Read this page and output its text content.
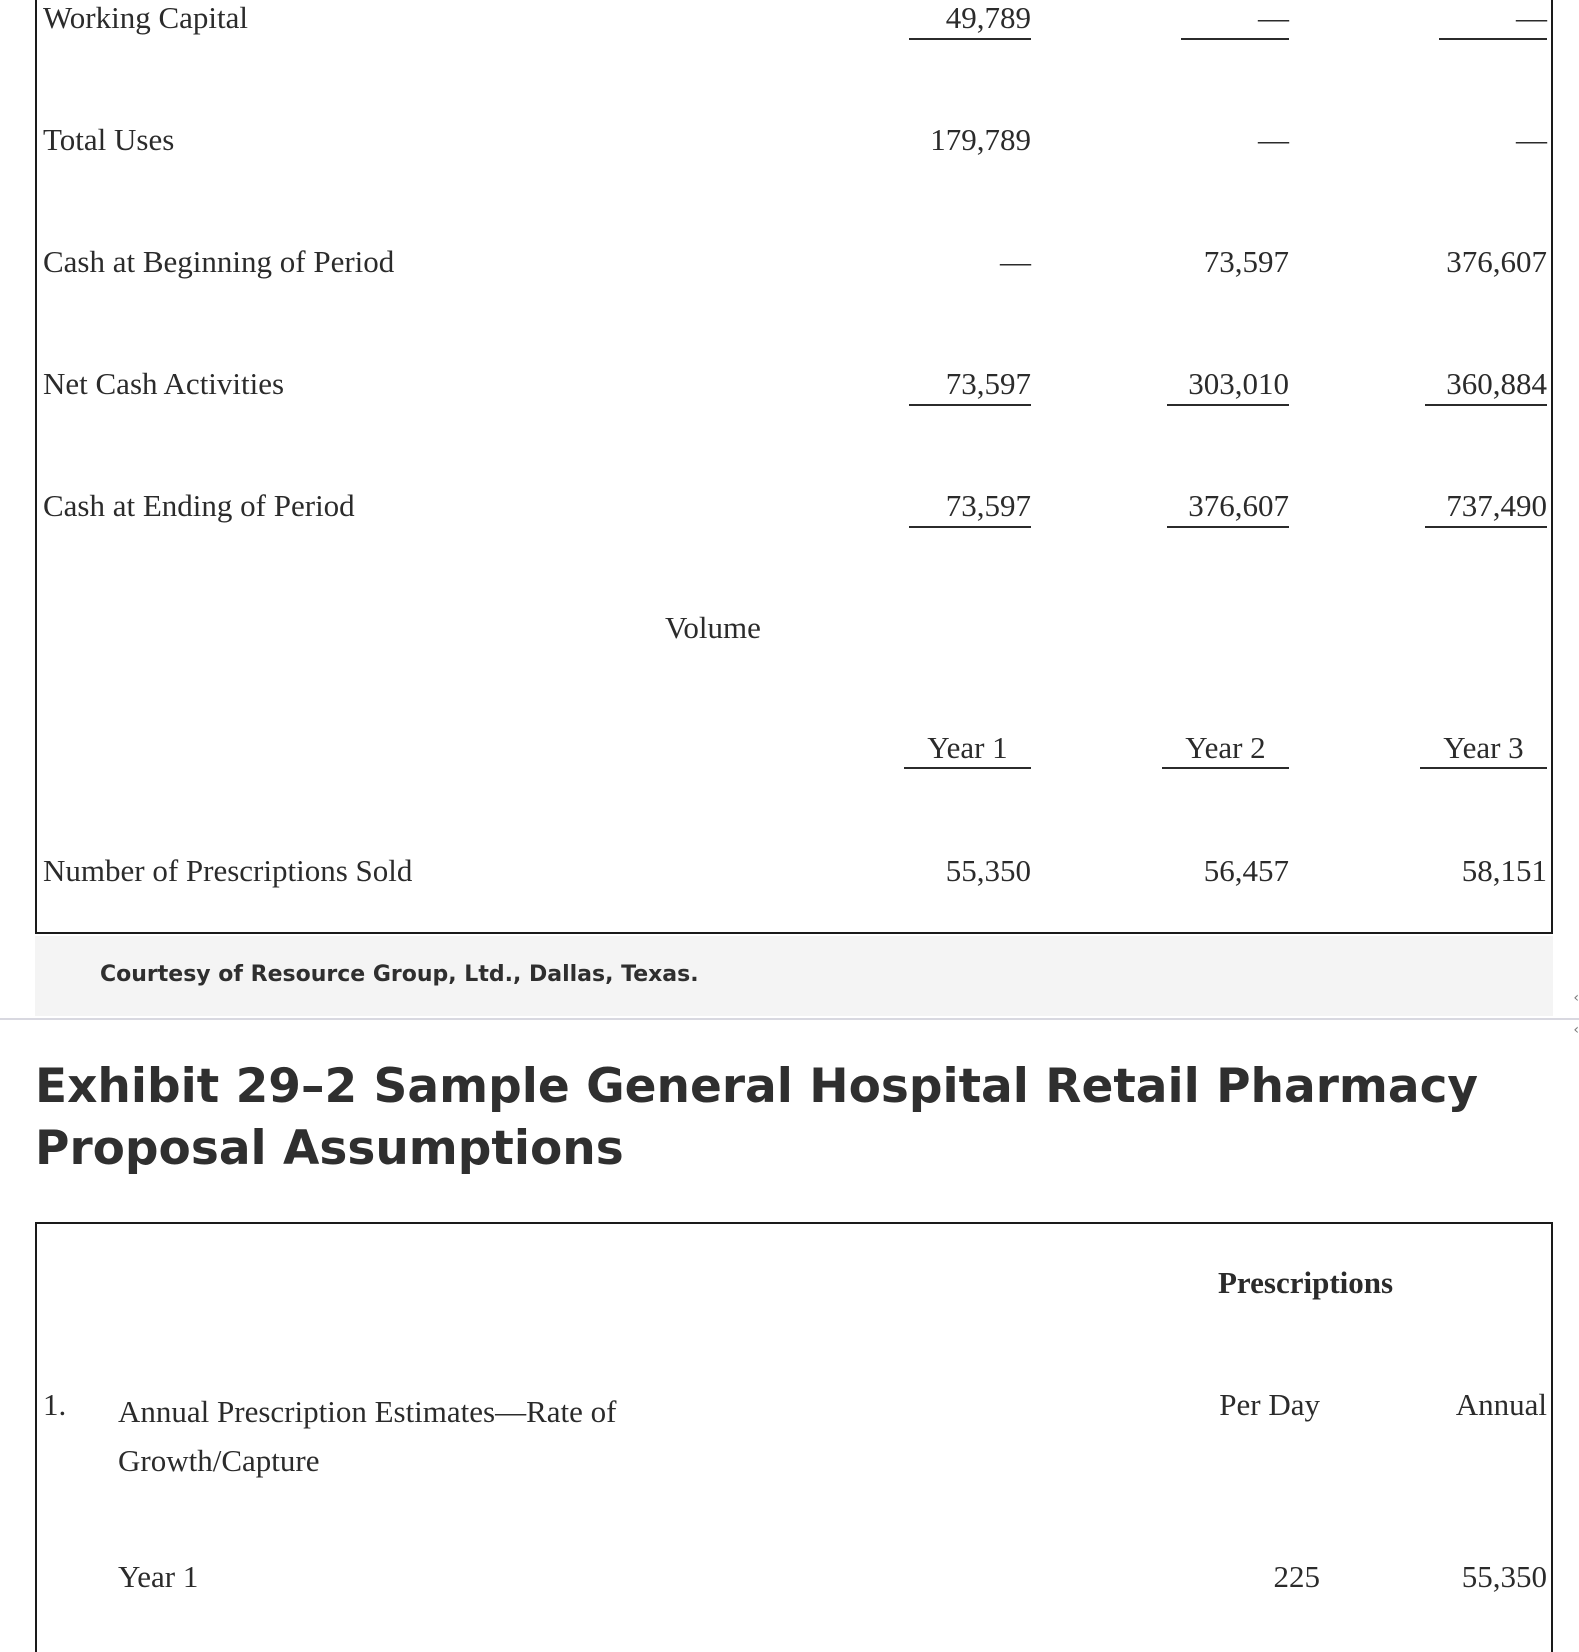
Working Capital	49,789	—	—
Total Uses	179,789	—	—
Cash at Beginning of Period	—	73,597	376,607
Net Cash Activities	73,597	303,010	360,884
Cash at Ending of Period	73,597	376,607	737,490
Volume
Year 1	Year 2	Year 3
Number of Prescriptions Sold	55,350	56,457	58,151
Courtesy of Resource Group, Ltd., Dallas, Texas.
‹
‹
Exhibit 29–2 Sample General Hospital Retail Pharmacy Proposal Assumptions
Prescriptions
1. Annual Prescription Estimates—Rate of Growth/Capture
Per Day	Annual
Year 1	225	55,350
